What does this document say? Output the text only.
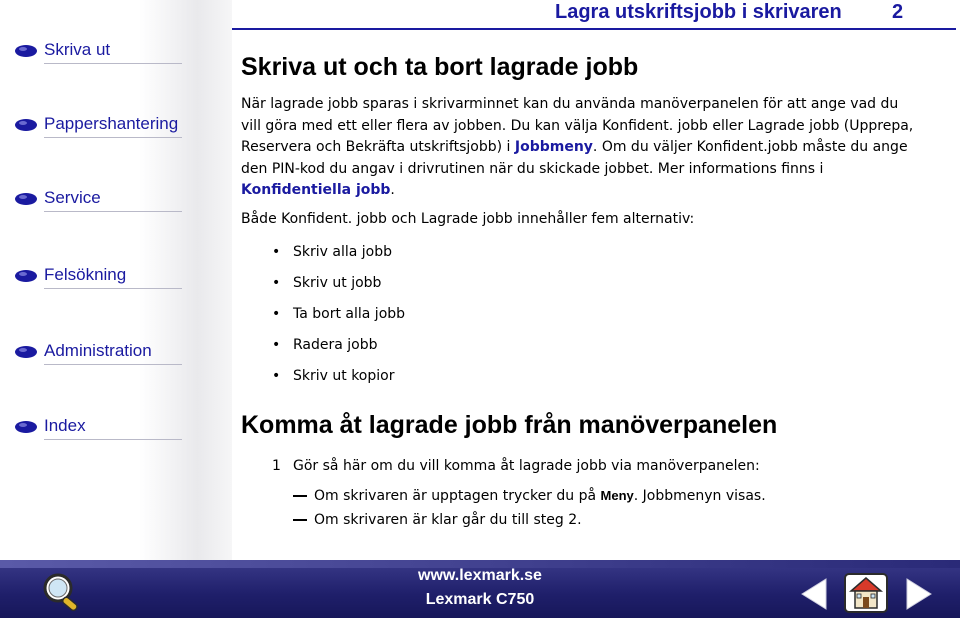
Skriva ut
Pappershantering
Service
Felsökning
Administration
Index
Lagra utskriftsjobb i skrivaren	2
Skriva ut och ta bort lagrade jobb
När lagrade jobb sparas i skrivarminnet kan du använda manöverpanelen för att ange vad du vill göra med ett eller flera av jobben. Du kan välja Konfident. jobb eller Lagrade jobb (Upprepa, Reservera och Bekräfta utskriftsjobb) i Jobbmeny. Om du väljer Konfident.jobb måste du ange den PIN-kod du angav i drivrutinen när du skickade jobbet. Mer informations finns i Konfidentiella jobb.
Både Konfident. jobb och Lagrade jobb innehåller fem alternativ:
• Skriv alla jobb
• Skriv ut jobb
• Ta bort alla jobb
• Radera jobb
• Skriv ut kopior
Komma åt lagrade jobb från manöverpanelen
1 Gör så här om du vill komma åt lagrade jobb via manöverpanelen:
Om skrivaren är upptagen trycker du på Meny. Jobbmenyn visas.
Om skrivaren är klar går du till steg 2.
www.lexmark.se
Lexmark C750
